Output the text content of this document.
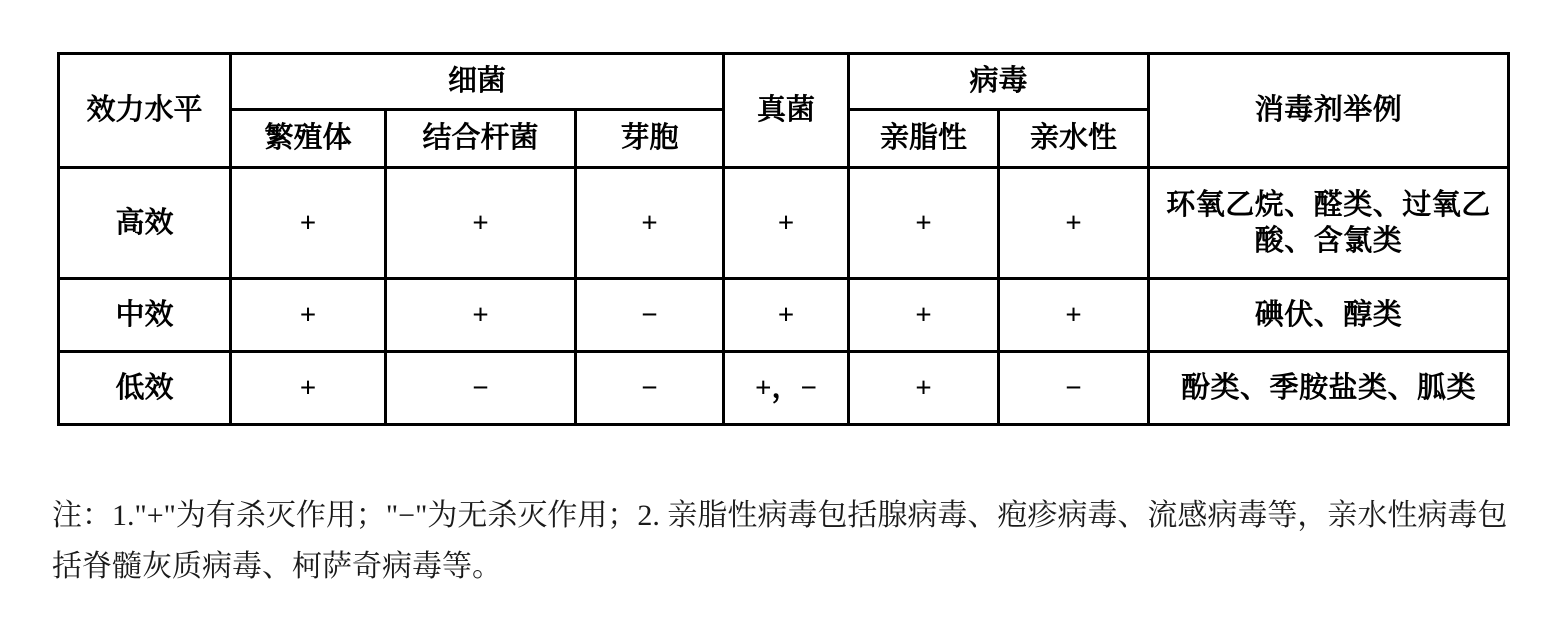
效力水平	细菌			真菌	病毒		消毒剂举例
	繁殖体	结合杆菌	芽胞		亲脂性	亲水性	
高效	+	+	+	+	+	+	环氧乙烷、醛类、过氧乙酸、含氯类
中效	+	+	−	+	+	+	碘伏、醇类
低效	+	−	−	+，−	+	−	酚类、季胺盐类、胍类
注：1."+"为有杀灭作用；"−"为无杀灭作用；2. 亲脂性病毒包括腺病毒、疱疹病毒、流感病毒等，亲水性病毒包括脊髓灰质病毒、柯萨奇病毒等。
